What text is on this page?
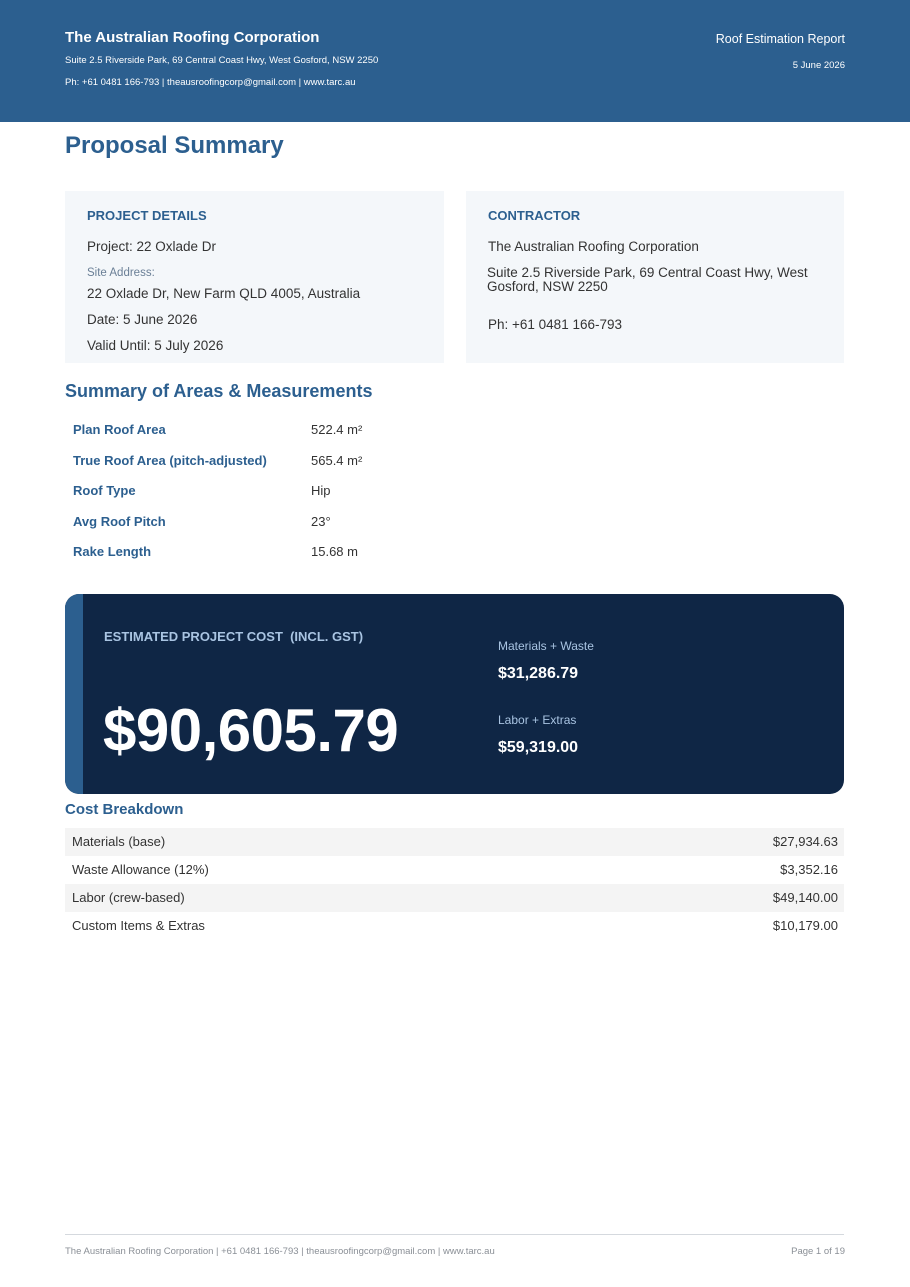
The Australian Roofing Corporation
Suite 2.5 Riverside Park, 69 Central Coast Hwy, West Gosford, NSW 2250
Ph: +61 0481 166-793 | theausroofingcorp@gmail.com | www.tarc.au
Roof Estimation Report
5 June 2026
Proposal Summary
PROJECT DETAILS
Project: 22 Oxlade Dr
Site Address:
22 Oxlade Dr, New Farm QLD 4005, Australia
Date: 5 June 2026
Valid Until: 5 July 2026
CONTRACTOR
The Australian Roofing Corporation
Suite 2.5 Riverside Park, 69 Central Coast Hwy, West Gosford, NSW 2250
Ph: +61 0481 166-793
Summary of Areas & Measurements
Plan Roof Area	522.4 m²
True Roof Area (pitch-adjusted)	565.4 m²
Roof Type	Hip
Avg Roof Pitch	23°
Rake Length	15.68 m
ESTIMATED PROJECT COST  (INCL. GST)
$90,605.79
Materials + Waste
$31,286.79
Labor + Extras
$59,319.00
Cost Breakdown
Materials (base)	$27,934.63
Waste Allowance (12%)	$3,352.16
Labor (crew-based)	$49,140.00
Custom Items & Extras	$10,179.00
The Australian Roofing Corporation | +61 0481 166-793 | theausroofingcorp@gmail.com | www.tarc.au	Page 1 of 19
